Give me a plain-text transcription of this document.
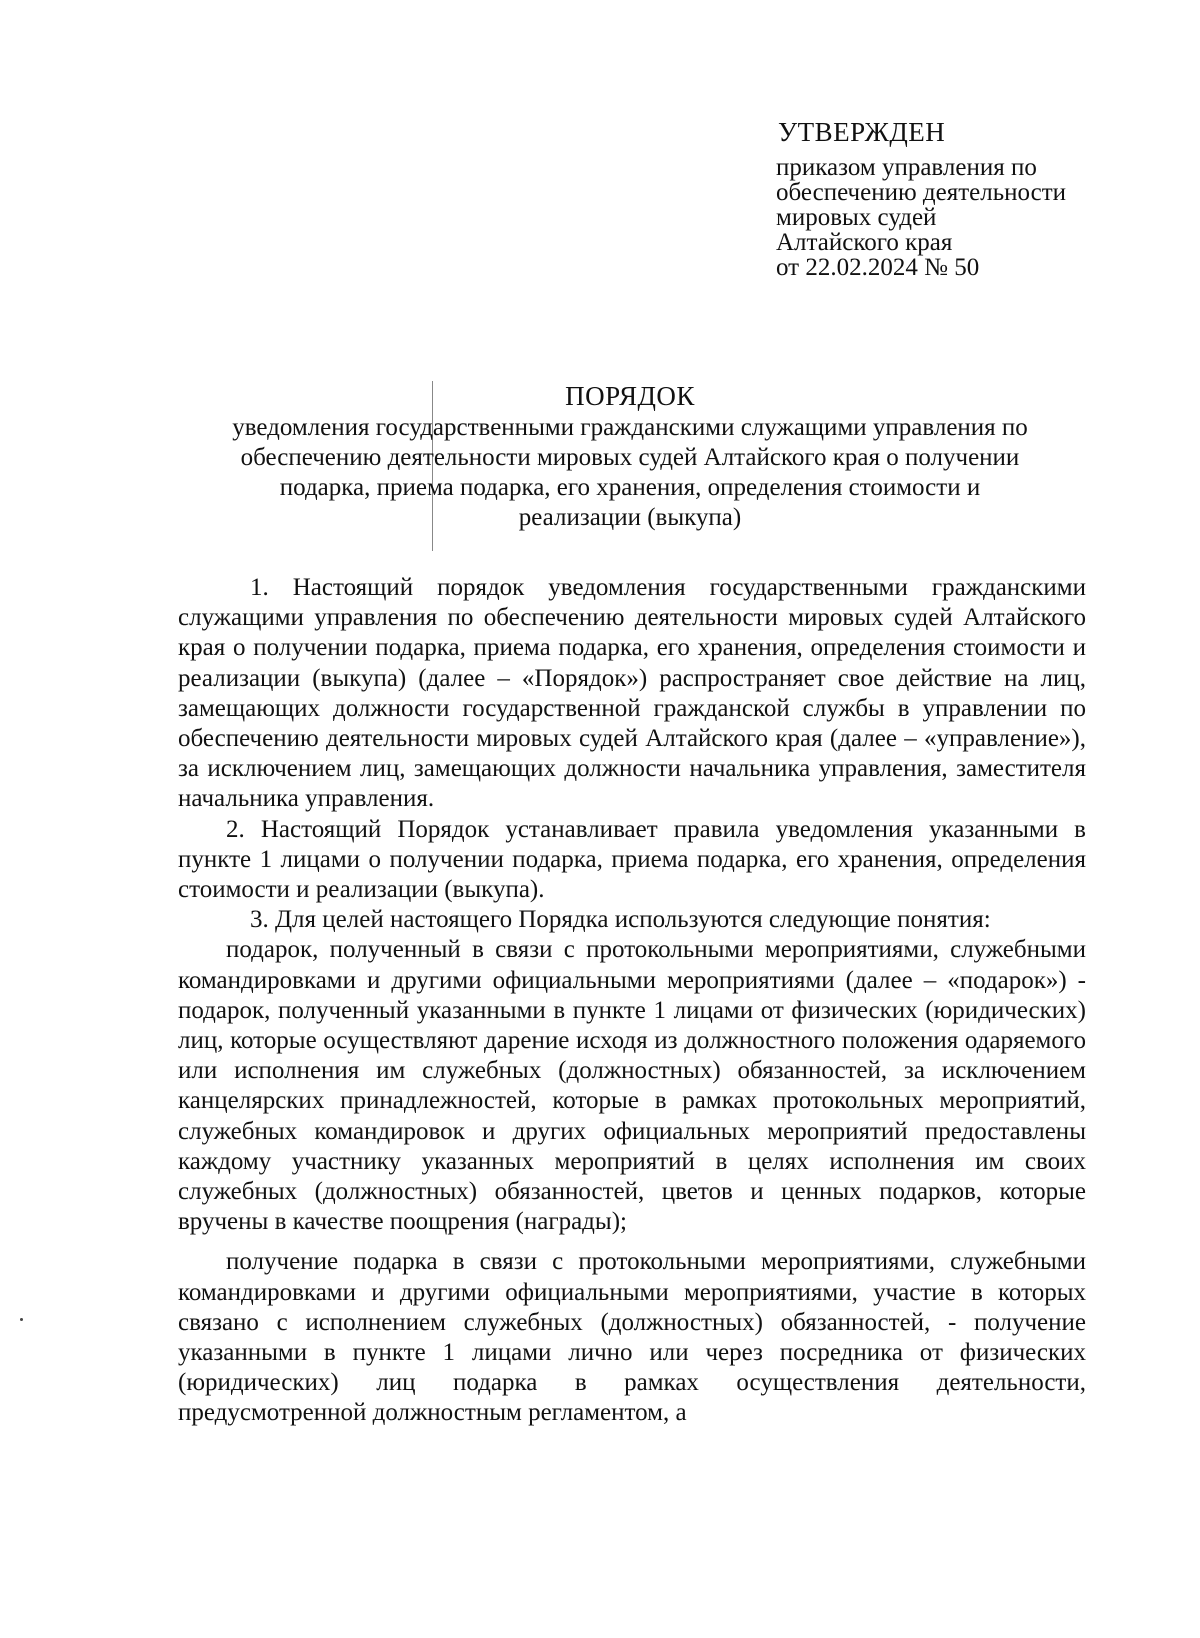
УТВЕРЖДЕН
приказом управления по
обеспечению деятельности
мировых судей
Алтайского края
от 22.02.2024 № 50
ПОРЯДОК
уведомления государственными гражданскими служащими управления по
обеспечению деятельности мировых судей Алтайского края о получении
подарка, приема подарка, его хранения, определения стоимости и
реализации (выкупа)

1. Настоящий порядок уведомления государственными гражданскими служащими управления по обеспечению деятельности мировых судей Алтайского края о получении подарка, приема подарка, его хранения, определения стоимости и реализации (выкупа) (далее – «Порядок») распространяет свое действие на лиц, замещающих должности государственной гражданской службы в управлении по обеспечению деятельности мировых судей Алтайского края (далее – «управление»), за исключением лиц, замещающих должности начальника управления, заместителя начальника управления.

2. Настоящий Порядок устанавливает правила уведомления указанными в пункте 1 лицами о получении подарка, приема подарка, его хранения, определения стоимости и реализации (выкупа).

3. Для целей настоящего Порядка используются следующие понятия:

подарок, полученный в связи с протокольными мероприятиями, служебными командировками и другими официальными мероприятиями (далее – «подарок») - подарок, полученный указанными в пункте 1 лицами от физических (юридических) лиц, которые осуществляют дарение исходя из должностного положения одаряемого или исполнения им служебных (должностных) обязанностей, за исключением канцелярских принадлежностей, которые в рамках протокольных мероприятий, служебных командировок и других официальных мероприятий предоставлены каждому участнику указанных мероприятий в целях исполнения им своих служебных (должностных) обязанностей, цветов и ценных подарков, которые вручены в качестве поощрения (награды);

получение подарка в связи с протокольными мероприятиями, служебными командировками и другими официальными мероприятиями, участие в которых связано с исполнением служебных (должностных) обязанностей, - получение указанными в пункте 1 лицами лично или через посредника от физических (юридических) лиц подарка в рамках осуществления деятельности, предусмотренной должностным регламентом, а
